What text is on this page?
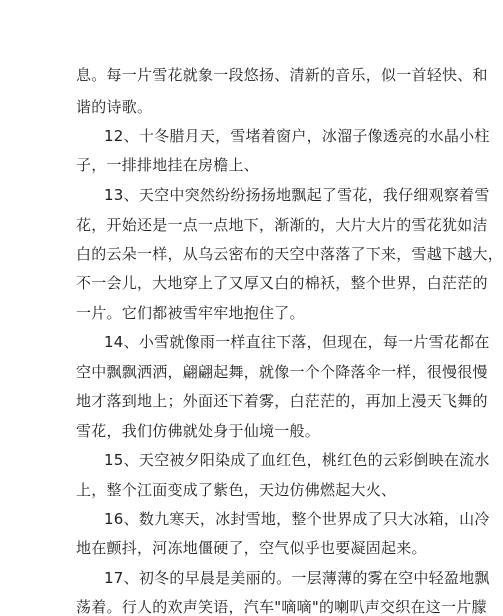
息。每一片雪花就象一段悠扬、清新的音乐，似一首轻快、和
谐的诗歌。
12、十冬腊月天，雪堵着窗户，冰溜子像透亮的水晶小柱
子，一排排地挂在房檐上、
13、天空中突然纷纷扬扬地飘起了雪花，我仔细观察着雪
花，开始还是一点一点地下，渐渐的，大片大片的雪花犹如洁
白的云朵一样，从乌云密布的天空中落落了下来，雪越下越大，
不一会儿，大地穿上了又厚又白的棉袄，整个世界，白茫茫的
一片。它们都被雪牢牢地抱住了。
14、小雪就像雨一样直往下落，但现在，每一片雪花都在
空中飘飘洒洒，翩翩起舞，就像一个个降落伞一样，很慢很慢
地才落到地上；外面还下着雾，白茫茫的，再加上漫天飞舞的
雪花，我们仿佛就处身于仙境一般。
15、天空被夕阳染成了血红色，桃红色的云彩倒映在流水
上，整个江面变成了紫色，天边仿佛燃起大火、
16、数九寒天，冰封雪地，整个世界成了只大冰箱，山冷
地在颤抖，河冻地僵硬了，空气似乎也要凝固起来。
17、初冬的早晨是美丽的。一层薄薄的雾在空中轻盈地飘
荡着。行人的欢声笑语，汽车"嘀嘀"的喇叭声交织在这一片朦
